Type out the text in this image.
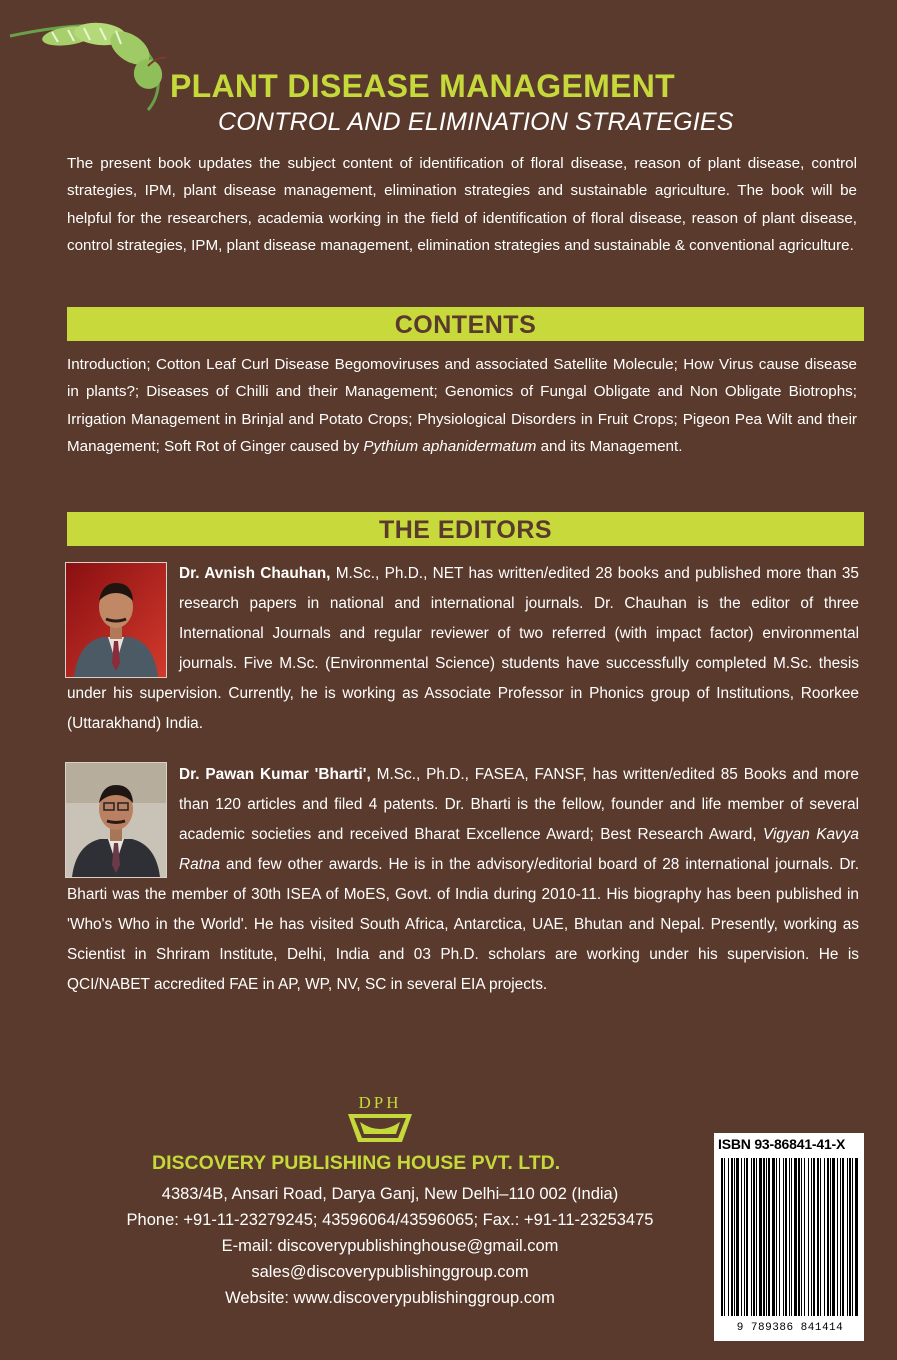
PLANT DISEASE MANAGEMENT
CONTROL AND ELIMINATION STRATEGIES

The present book updates the subject content of identification of floral disease, reason of plant disease, control strategies, IPM, plant disease management, elimination strategies and sustainable agriculture. The book will be helpful for the researchers, academia working in the field of identification of floral disease, reason of plant disease, control strategies, IPM, plant disease management, elimination strategies and sustainable & conventional agriculture.

CONTENTS

Introduction; Cotton Leaf Curl Disease Begomoviruses and associated Satellite Molecule; How Virus cause disease in plants?; Diseases of Chilli and their Management; Genomics of Fungal Obligate and Non Obligate Biotrophs; Irrigation Management in Brinjal and Potato Crops; Physiological Disorders in Fruit Crops; Pigeon Pea Wilt and their Management; Soft Rot of Ginger caused by Pythium aphanidermatum and its Management.

THE EDITORS

Dr. Avnish Chauhan, M.Sc., Ph.D., NET has written/edited 28 books and published more than 35 research papers in national and international journals. Dr. Chauhan is the editor of three International Journals and regular reviewer of two referred (with impact factor) environmental journals. Five M.Sc. (Environmental Science) students have successfully completed M.Sc. thesis under his supervision. Currently, he is working as Associate Professor in Phonics group of Institutions, Roorkee (Uttarakhand) India.

Dr. Pawan Kumar 'Bharti', M.Sc., Ph.D., FASEA, FANSF, has written/edited 85 Books and more than 120 articles and filed 4 patents. Dr. Bharti is the fellow, founder and life member of several academic societies and received Bharat Excellence Award; Best Research Award, Vigyan Kavya Ratna and few other awards. He is in the advisory/editorial board of 28 international journals. Dr. Bharti was the member of 30th ISEA of MoES, Govt. of India during 2010-11. His biography has been published in 'Who's Who in the World'. He has visited South Africa, Antarctica, UAE, Bhutan and Nepal. Presently, working as Scientist in Shriram Institute, Delhi, India and 03 Ph.D. scholars are working under his supervision. He is QCI/NABET accredited FAE in AP, WP, NV, SC in several EIA projects.

DPH
DISCOVERY PUBLISHING HOUSE PVT. LTD.
4383/4B, Ansari Road, Darya Ganj, New Delhi–110 002 (India)
Phone: +91-11-23279245; 43596064/43596065; Fax.: +91-11-23253475
E-mail: discoverypublishinghouse@gmail.com
sales@discoverypublishinggroup.com
Website: www.discoverypublishinggroup.com
ISBN 93-86841-41-X
9 789386 841414
